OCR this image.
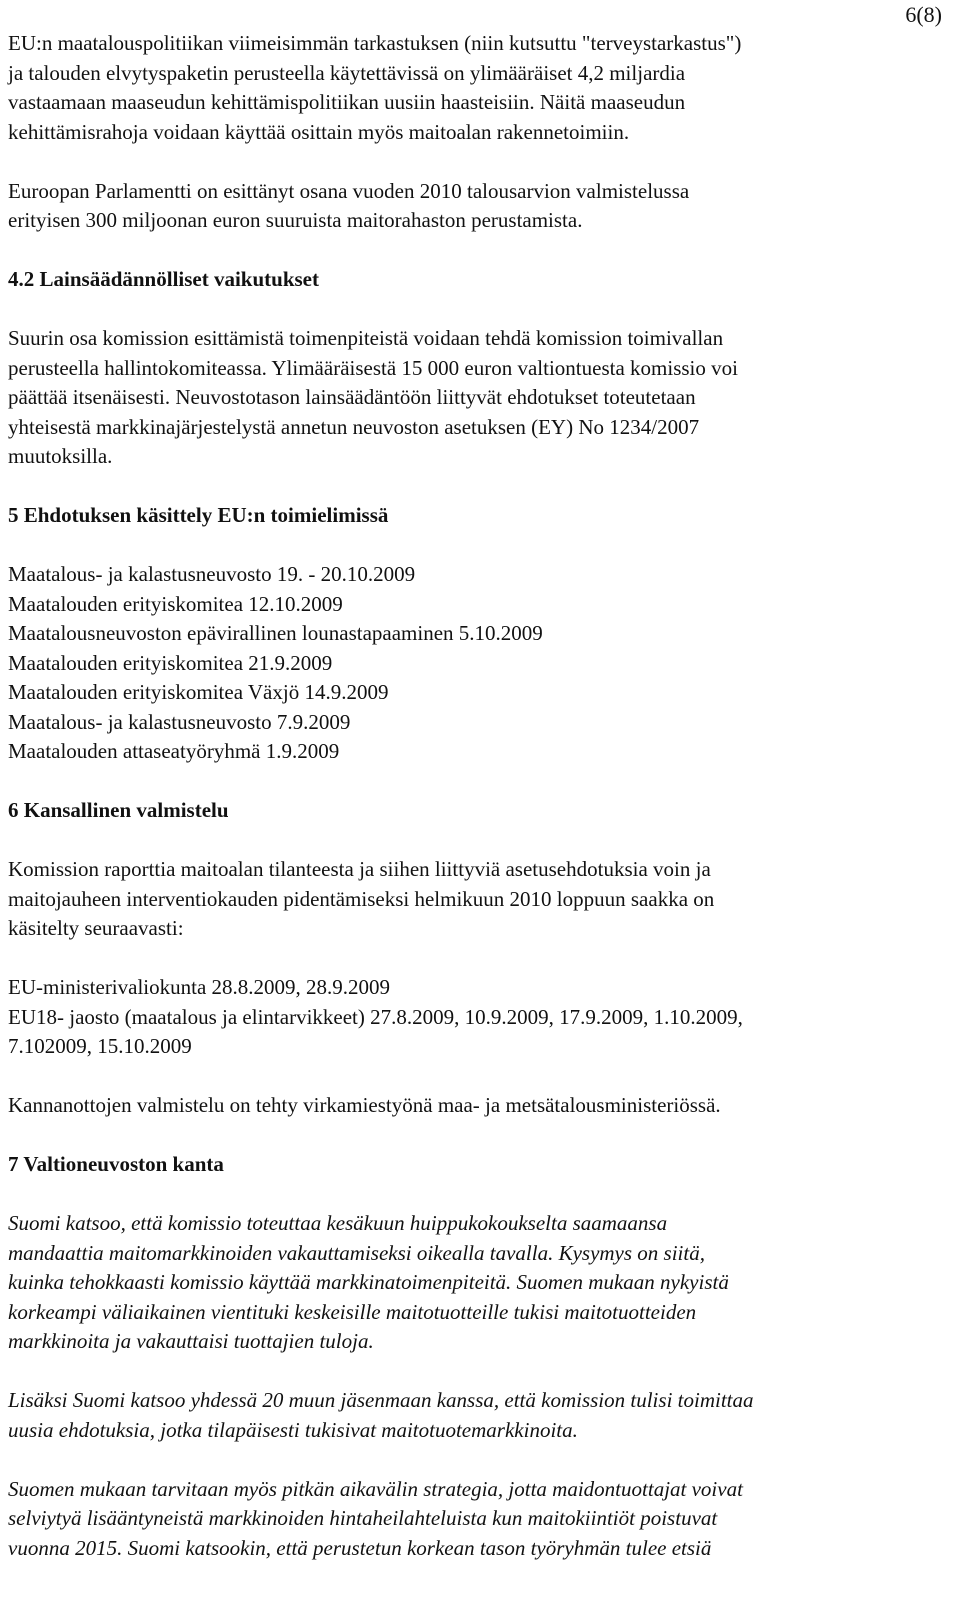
6(8)
EU:n maatalouspolitiikan viimeisimmän tarkastuksen (niin kutsuttu "terveystarkastus")
ja talouden elvytyspaketin perusteella käytettävissä on ylimääräiset 4,2 miljardia
vastaamaan maaseudun kehittämispolitiikan uusiin haasteisiin. Näitä maaseudun
kehittämisrahoja voidaan käyttää osittain myös maitoalan rakennetoimiin.
Euroopan Parlamentti on esittänyt osana vuoden 2010 talousarvion valmistelussa
erityisen 300 miljoonan euron suuruista maitorahaston perustamista.

4.2 Lainsäädännölliset vaikutukset

Suurin osa komission esittämistä toimenpiteistä voidaan tehdä komission toimivallan
perusteella hallintokomiteassa. Ylimääräisestä 15 000 euron valtiontuesta komissio voi
päättää itsenäisesti. Neuvostotason lainsäädäntöön liittyvät ehdotukset toteutetaan
yhteisestä markkinajärjestelystä annetun neuvoston asetuksen (EY) No 1234/2007
muutoksilla.

5 Ehdotuksen käsittely EU:n toimielimissä

Maatalous- ja kalastusneuvosto 19. - 20.10.2009
Maatalouden erityiskomitea 12.10.2009
Maatalousneuvoston epävirallinen lounastapaaminen 5.10.2009
Maatalouden erityiskomitea 21.9.2009
Maatalouden erityiskomitea Växjö 14.9.2009
Maatalous- ja kalastusneuvosto 7.9.2009
Maatalouden attaseatyöryhmä 1.9.2009

6 Kansallinen valmistelu

Komission raporttia maitoalan tilanteesta ja siihen liittyviä asetusehdotuksia voin ja
maitojauheen interventiokauden pidentämiseksi helmikuun 2010 loppuun saakka on
käsitelty seuraavasti:
EU-ministerivaliokunta 28.8.2009, 28.9.2009
EU18- jaosto (maatalous ja elintarvikkeet) 27.8.2009, 10.9.2009, 17.9.2009, 1.10.2009,
7.102009, 15.10.2009
Kannanottojen valmistelu on tehty virkamiestyönä maa- ja metsätalousministeriössä.

7 Valtioneuvoston kanta

Suomi katsoo, että komissio toteuttaa kesäkuun huippukokoukselta saamaansa
mandaattia maitomarkkinoiden vakauttamiseksi oikealla tavalla. Kysymys on siitä,
kuinka tehokkaasti komissio käyttää markkinatoimenpiteitä. Suomen mukaan nykyistä
korkeampi väliaikainen vientituki keskeisille maitotuotteille tukisi maitotuotteiden
markkinoita ja vakauttaisi tuottajien tuloja.
Lisäksi Suomi katsoo yhdessä 20 muun jäsenmaan kanssa, että komission tulisi toimittaa
uusia ehdotuksia, jotka tilapäisesti tukisivat maitotuotemarkkinoita.
Suomen mukaan tarvitaan myös pitkän aikavälin strategia, jotta maidontuottajat voivat
selviytyä lisääntyneistä markkinoiden hintaheilahteluista kun maitokiintiöt poistuvat
vuonna 2015. Suomi katsookin, että perustetun korkean tason työryhmän tulee etsiä
